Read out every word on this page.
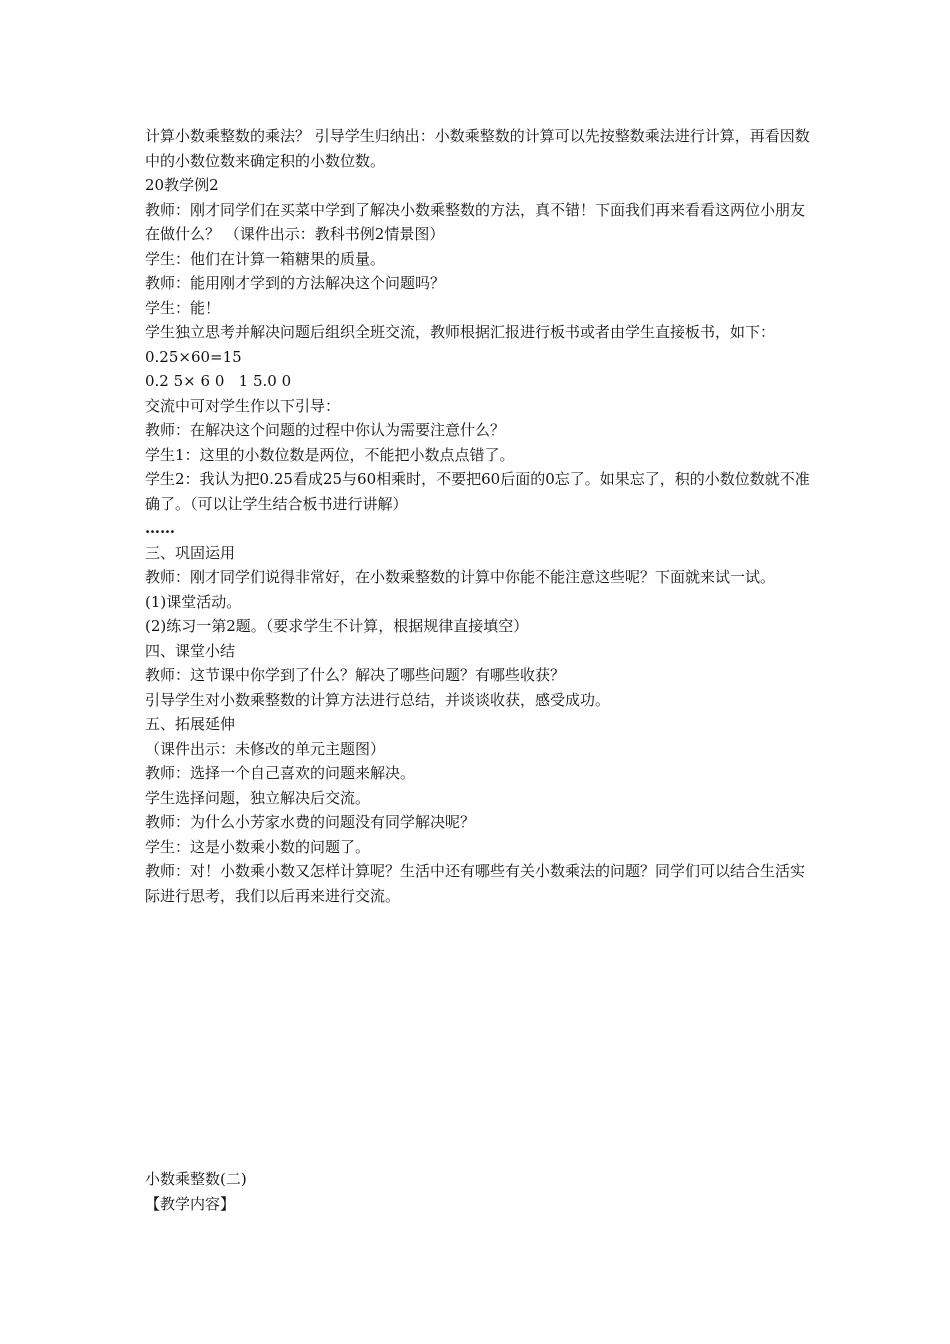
计算小数乘整数的乘法？ 引导学生归纳出：小数乘整数的计算可以先按整数乘法进行计算，再看因数中的小数位数来确定积的小数位数。

20教学例2

教师：刚才同学们在买菜中学到了解决小数乘整数的方法，真不错！下面我们再来看看这两位小朋友在做什么？ （课件出示：教科书例2情景图）

学生：他们在计算一箱糖果的质量。

教师：能用刚才学到的方法解决这个问题吗？

学生：能！

学生独立思考并解决问题后组织全班交流，教师根据汇报进行板书或者由学生直接板书，如下：

0.25×60=15

0.2 5× 6 0   1 5.0 0

交流中可对学生作以下引导：

教师：在解决这个问题的过程中你认为需要注意什么？

学生1：这里的小数位数是两位，不能把小数点点错了。

学生2：我认为把0.25看成25与60相乘时，不要把60后面的0忘了。如果忘了，积的小数位数就不准确了。（可以让学生结合板书进行讲解）

……

三、巩固运用

教师：刚才同学们说得非常好，在小数乘整数的计算中你能不能注意这些呢？下面就来试一试。

(1)课堂活动。

(2)练习一第2题。（要求学生不计算，根据规律直接填空）

四、课堂小结

教师：这节课中你学到了什么？解决了哪些问题？有哪些收获？

引导学生对小数乘整数的计算方法进行总结，并谈谈收获，感受成功。

五、拓展延伸

（课件出示：未修改的单元主题图）

教师：选择一个自己喜欢的问题来解决。

学生选择问题，独立解决后交流。

教师：为什么小芳家水费的问题没有同学解决呢？

学生：这是小数乘小数的问题了。

教师：对！小数乘小数又怎样计算呢？生活中还有哪些有关小数乘法的问题？同学们可以结合生活实际进行思考，我们以后再来进行交流。

小数乘整数(二)

【教学内容】
